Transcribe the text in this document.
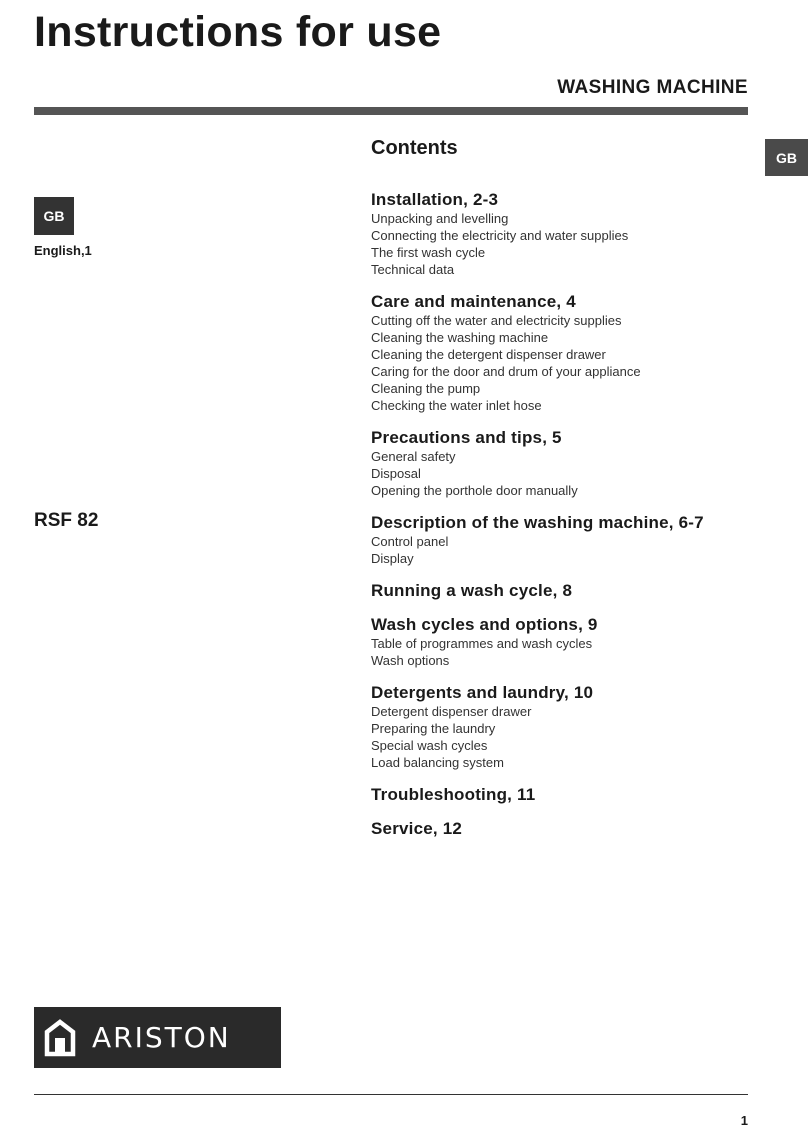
Instructions for use
WASHING MACHINE
GB
GB
English,1
RSF 82
Contents
Installation, 2-3
Unpacking and levelling
Connecting the electricity and water supplies
The first wash cycle
Technical data
Care and maintenance, 4
Cutting off the water and electricity supplies
Cleaning the washing machine
Cleaning the detergent dispenser drawer
Caring for the door and drum of your appliance
Cleaning the pump
Checking the water inlet hose
Precautions and tips, 5
General safety
Disposal
Opening the porthole door manually
Description of the washing machine, 6-7
Control panel
Display
Running a wash cycle, 8
Wash cycles and options, 9
Table of programmes and wash cycles
Wash options
Detergents and laundry, 10
Detergent dispenser drawer
Preparing the laundry
Special wash cycles
Load balancing system
Troubleshooting, 11
Service, 12
ARISTON
1
